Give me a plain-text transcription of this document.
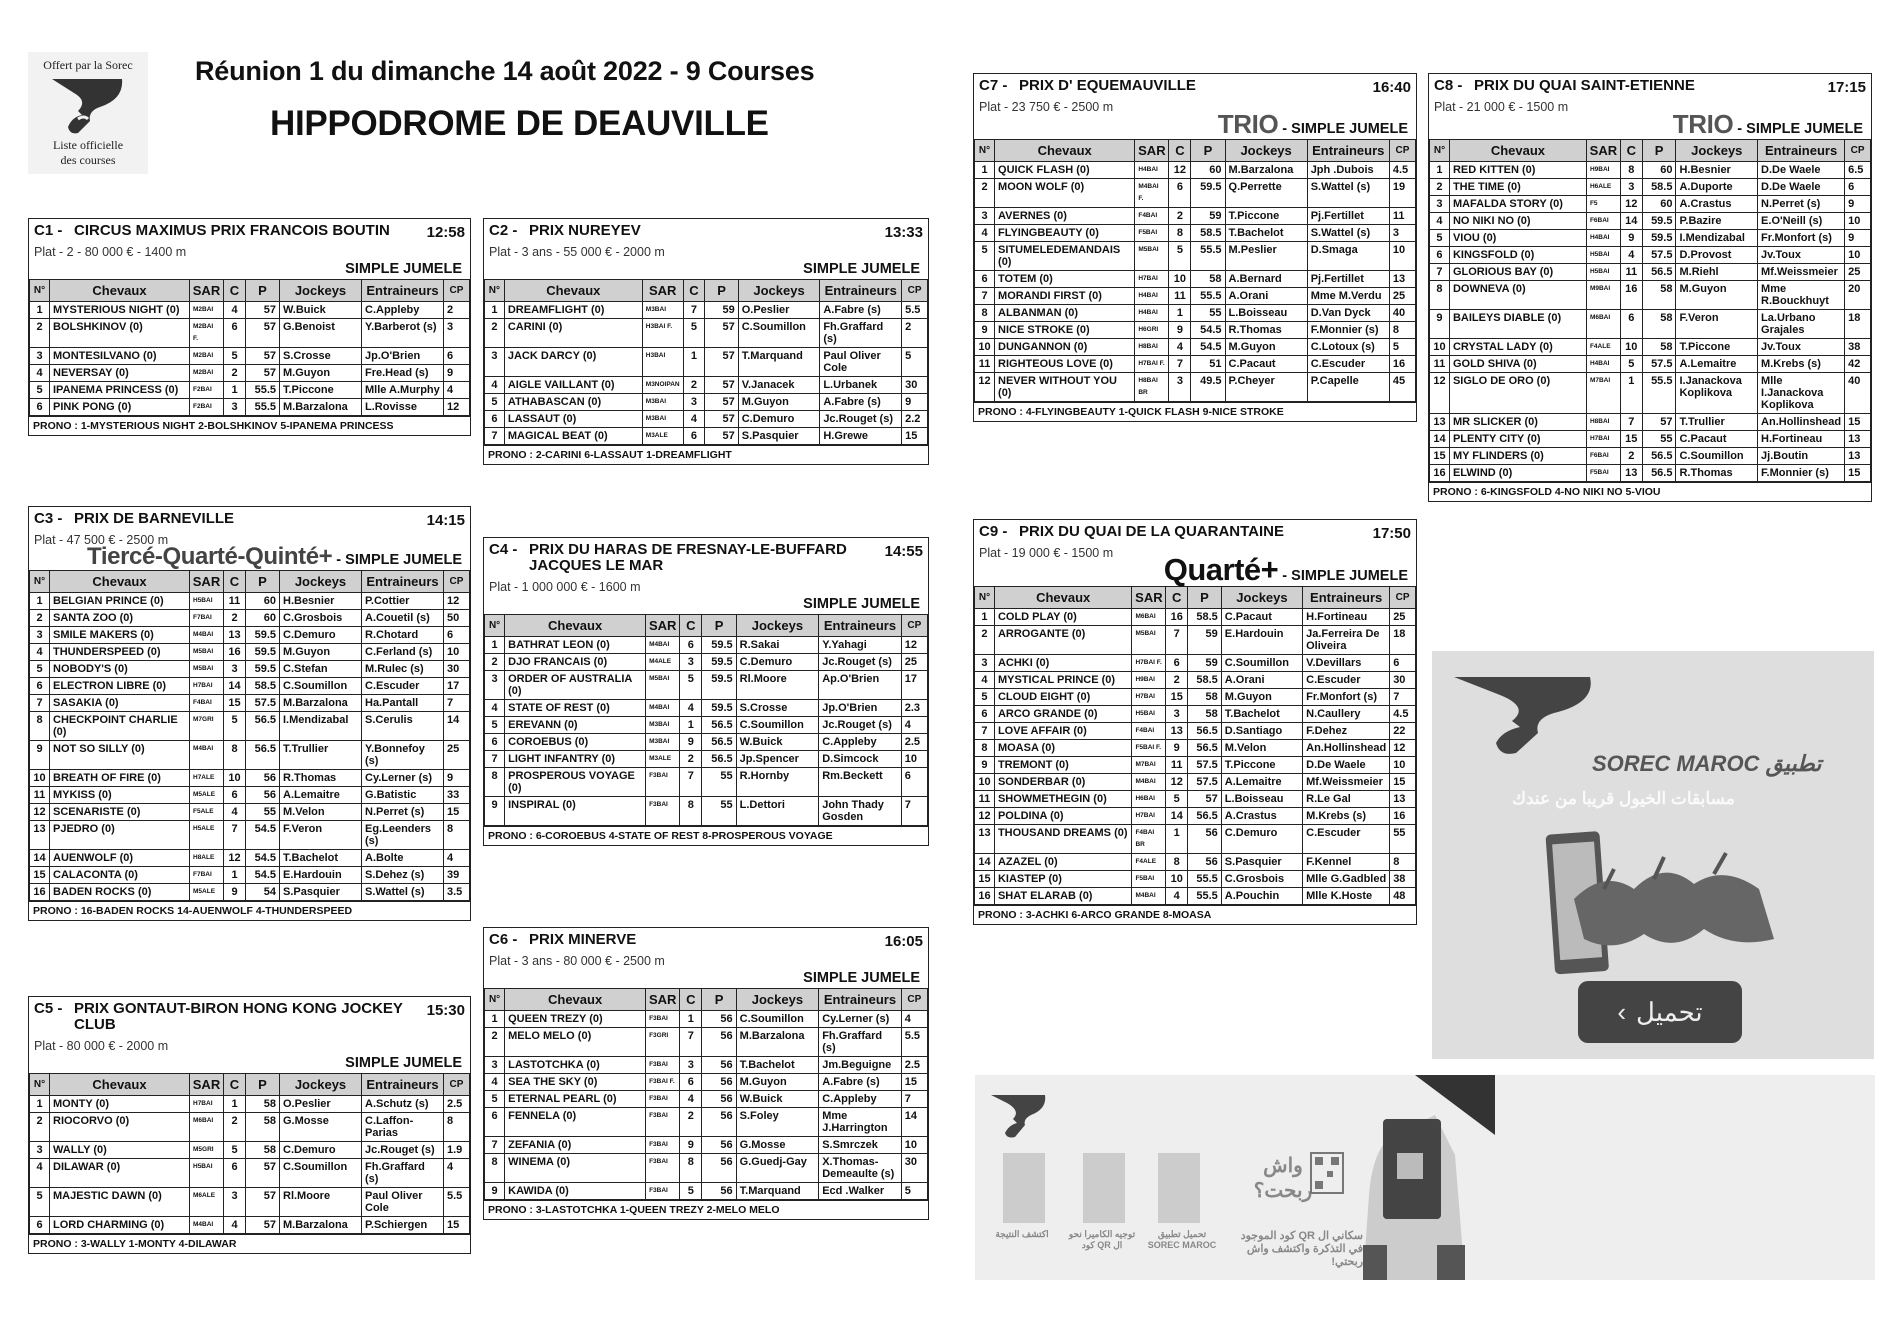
Offert par la Sorec
Liste officielle
des courses
Réunion 1 du dimanche 14 août 2022 - 9 Courses
HIPPODROME DE DEAUVILLE
C1 - CIRCUS MAXIMUS PRIX FRANCOIS BOUTIN	12:58
Plat - 2 - 80 000 € - 1400 m
SIMPLE JUMELE
N°	Chevaux	SAR	C	P	Jockeys	Entraineurs	CP
1	MYSTERIOUS NIGHT (0)	M2BAI	4	57	W.Buick	C.Appleby	2
2	BOLSHKINOV (0)	M2BAI F.	6	57	G.Benoist	Y.Barberot (s)	3
3	MONTESILVANO (0)	M2BAI	5	57	S.Crosse	Jp.O'Brien	6
4	NEVERSAY (0)	M2BAI	2	57	M.Guyon	Fre.Head (s)	9
5	IPANEMA PRINCESS (0)	F2BAI	1	55.5	T.Piccone	Mlle A.Murphy	4
6	PINK PONG (0)	F2BAI	3	55.5	M.Barzalona	L.Rovisse	12
PRONO : 1-MYSTERIOUS NIGHT 2-BOLSHKINOV 5-IPANEMA PRINCESS
C2 - PRIX NUREYEV	13:33
Plat - 3 ans - 55 000 € - 2000 m
SIMPLE JUMELE
N°	Chevaux	SAR	C	P	Jockeys	Entraineurs	CP
1	DREAMFLIGHT (0)	M3BAI	7	59	O.Peslier	A.Fabre (s)	5.5
2	CARINI (0)	H3BAI F.	5	57	C.Soumillon	Fh.Graffard (s)	2
3	JACK DARCY (0)	H3BAI	1	57	T.Marquand	Paul Oliver Cole	5
4	AIGLE VAILLANT (0)	M3NOIPAN	2	57	V.Janacek	L.Urbanek	30
5	ATHABASCAN (0)	M3BAI	3	57	M.Guyon	A.Fabre (s)	9
6	LASSAUT (0)	M3BAI	4	57	C.Demuro	Jc.Rouget (s)	2.2
7	MAGICAL BEAT (0)	M3ALE	6	57	S.Pasquier	H.Grewe	15
PRONO : 2-CARINI 6-LASSAUT 1-DREAMFLIGHT
C3 - PRIX DE BARNEVILLE	14:15
Plat - 47 500 € - 2500 m
Tiercé-Quarté-Quinté+ - SIMPLE JUMELE
N°	Chevaux	SAR	C	P	Jockeys	Entraineurs	CP
1	BELGIAN PRINCE (0)	H5BAI	11	60	H.Besnier	P.Cottier	12
2	SANTA ZOO (0)	F7BAI	2	60	C.Grosbois	A.Couetil (s)	50
3	SMILE MAKERS (0)	M4BAI	13	59.5	C.Demuro	R.Chotard	6
4	THUNDERSPEED (0)	M5BAI	16	59.5	M.Guyon	C.Ferland (s)	10
5	NOBODY'S (0)	M5BAI	3	59.5	C.Stefan	M.Rulec (s)	30
6	ELECTRON LIBRE (0)	H7BAI	14	58.5	C.Soumillon	C.Escuder	17
7	SASAKIA (0)	F4BAI	15	57.5	M.Barzalona	Ha.Pantall	7
8	CHECKPOINT CHARLIE (0)	M7GRI	5	56.5	I.Mendizabal	S.Cerulis	14
9	NOT SO SILLY (0)	M4BAI	8	56.5	T.Trullier	Y.Bonnefoy (s)	25
10	BREATH OF FIRE (0)	H7ALE	10	56	R.Thomas	Cy.Lerner (s)	9
11	MYKISS (0)	M5ALE	6	56	A.Lemaitre	G.Batistic	33
12	SCENARISTE (0)	F5ALE	4	55	M.Velon	N.Perret (s)	15
13	PJEDRO (0)	H5ALE	7	54.5	F.Veron	Eg.Leenders (s)	8
14	AUENWOLF (0)	H8ALE	12	54.5	T.Bachelot	A.Bolte	4
15	CALACONTA (0)	F7BAI	1	54.5	E.Hardouin	S.Dehez (s)	39
16	BADEN ROCKS (0)	M5ALE	9	54	S.Pasquier	S.Wattel (s)	3.5
PRONO : 16-BADEN ROCKS 14-AUENWOLF 4-THUNDERSPEED
C4 - PRIX DU HARAS DE FRESNAY-LE-BUFFARD JACQUES LE MAR
14:55
Plat - 1 000 000 € - 1600 m
SIMPLE JUMELE
N°	Chevaux	SAR	C	P	Jockeys	Entraineurs	CP
1	BATHRAT LEON (0)	M4BAI	6	59.5	R.Sakai	Y.Yahagi	12
2	DJO FRANCAIS (0)	M4ALE	3	59.5	C.Demuro	Jc.Rouget (s)	25
3	ORDER OF AUSTRALIA (0)	M5BAI	5	59.5	Rl.Moore	Ap.O'Brien	17
4	STATE OF REST (0)	M4BAI	4	59.5	S.Crosse	Jp.O'Brien	2.3
5	EREVANN (0)	M3BAI	1	56.5	C.Soumillon	Jc.Rouget (s)	4
6	COROEBUS (0)	M3BAI	9	56.5	W.Buick	C.Appleby	2.5
7	LIGHT INFANTRY (0)	M3ALE	2	56.5	Jp.Spencer	D.Simcock	10
8	PROSPEROUS VOYAGE (0)	F3BAI	7	55	R.Hornby	Rm.Beckett	6
9	INSPIRAL (0)	F3BAI	8	55	L.Dettori	John Thady Gosden	7
PRONO : 6-COROEBUS 4-STATE OF REST 8-PROSPEROUS VOYAGE
C5 - PRIX GONTAUT-BIRON HONG KONG JOCKEY CLUB
15:30
Plat - 80 000 € - 2000 m
SIMPLE JUMELE
N°	Chevaux	SAR	C	P	Jockeys	Entraineurs	CP
1	MONTY (0)	H7BAI	1	58	O.Peslier	A.Schutz (s)	2.5
2	RIOCORVO (0)	M6BAI	2	58	G.Mosse	C.Laffon-Parias	8
3	WALLY (0)	M5GRI	5	58	C.Demuro	Jc.Rouget (s)	1.9
4	DILAWAR (0)	H5BAI	6	57	C.Soumillon	Fh.Graffard (s)	4
5	MAJESTIC DAWN (0)	M6ALE	3	57	Rl.Moore	Paul Oliver Cole	5.5
6	LORD CHARMING (0)	M4BAI	4	57	M.Barzalona	P.Schiergen	15
PRONO : 3-WALLY 1-MONTY 4-DILAWAR
C6 - PRIX MINERVE	16:05
Plat - 3 ans - 80 000 € - 2500 m
SIMPLE JUMELE
N°	Chevaux	SAR	C	P	Jockeys	Entraineurs	CP
1	QUEEN TREZY (0)	F3BAI	1	56	C.Soumillon	Cy.Lerner (s)	4
2	MELO MELO (0)	F3GRI	7	56	M.Barzalona	Fh.Graffard (s)	5.5
3	LASTOTCHKA (0)	F3BAI	3	56	T.Bachelot	Jm.Beguigne	2.5
4	SEA THE SKY (0)	F3BAI F.	6	56	M.Guyon	A.Fabre (s)	15
5	ETERNAL PEARL (0)	F3BAI	4	56	W.Buick	C.Appleby	7
6	FENNELA (0)	F3BAI	2	56	S.Foley	Mme J.Harrington	14
7	ZEFANIA (0)	F3BAI	9	56	G.Mosse	S.Smrczek	10
8	WINEMA (0)	F3BAI	8	56	G.Guedj-Gay	X.Thomas-Demeaulte (s)	30
9	KAWIDA (0)	F3BAI	5	56	T.Marquand	Ecd .Walker	5
PRONO : 3-LASTOTCHKA 1-QUEEN TREZY 2-MELO MELO
C7 - PRIX D' EQUEMAUVILLE	16:40
Plat - 23 750 € - 2500 m
TRIO - SIMPLE JUMELE
N°	Chevaux	SAR	C	P	Jockeys	Entraineurs	CP
1	QUICK FLASH (0)	H4BAI	12	60	M.Barzalona	Jph .Dubois	4.5
2	MOON WOLF (0)	M4BAI F.	6	59.5	Q.Perrette	S.Wattel (s)	19
3	AVERNES (0)	F4BAI	2	59	T.Piccone	Pj.Fertillet	11
4	FLYINGBEAUTY (0)	F5BAI	8	58.5	T.Bachelot	S.Wattel (s)	3
5	SITUMELEDEMANDAIS (0)	M5BAI	5	55.5	M.Peslier	D.Smaga	10
6	TOTEM (0)	H7BAI	10	58	A.Bernard	Pj.Fertillet	13
7	MORANDI FIRST (0)	H4BAI	11	55.5	A.Orani	Mme M.Verdu	25
8	ALBANMAN (0)	H4BAI	1	55	L.Boisseau	D.Van Dyck	40
9	NICE STROKE (0)	H6GRI	9	54.5	R.Thomas	F.Monnier (s)	8
10	DUNGANNON (0)	H8BAI	4	54.5	M.Guyon	C.Lotoux (s)	5
11	RIGHTEOUS LOVE (0)	H7BAI F.	7	51	C.Pacaut	C.Escuder	16
12	NEVER WITHOUT YOU (0)	H8BAI BR	3	49.5	P.Cheyer	P.Capelle	45
PRONO : 4-FLYINGBEAUTY 1-QUICK FLASH 9-NICE STROKE
C8 - PRIX DU QUAI SAINT-ETIENNE	17:15
Plat - 21 000 € - 1500 m
TRIO - SIMPLE JUMELE
N°	Chevaux	SAR	C	P	Jockeys	Entraineurs	CP
1	RED KITTEN (0)	H9BAI	8	60	H.Besnier	D.De Waele	6.5
2	THE TIME (0)	H6ALE	3	58.5	A.Duporte	D.De Waele	6
3	MAFALDA STORY (0)	F5	12	60	A.Crastus	N.Perret (s)	9
4	NO NIKI NO (0)	F6BAI	14	59.5	P.Bazire	E.O'Neill (s)	10
5	VIOU (0)	H4BAI	9	59.5	I.Mendizabal	Fr.Monfort (s)	9
6	KINGSFOLD (0)	H5BAI	4	57.5	D.Provost	Jv.Toux	10
7	GLORIOUS BAY (0)	H5BAI	11	56.5	M.Riehl	Mf.Weissmeier	25
8	DOWNEVA (0)	M9BAI	16	58	M.Guyon	Mme R.Bouckhuyt	20
9	BAILEYS DIABLE (0)	M6BAI	6	58	F.Veron	La.Urbano Grajales	18
10	CRYSTAL LADY (0)	F4ALE	10	58	T.Piccone	Jv.Toux	38
11	GOLD SHIVA (0)	H4BAI	5	57.5	A.Lemaitre	M.Krebs (s)	42
12	SIGLO DE ORO (0)	M7BAI	1	55.5	I.Janackova Koplikova	Mlle I.Janackova Koplikova	40
13	MR SLICKER (0)	H8BAI	7	57	T.Trullier	An.Hollinshead	15
14	PLENTY CITY (0)	H7BAI	15	55	C.Pacaut	H.Fortineau	13
15	MY FLINDERS (0)	F6BAI	2	56.5	C.Soumillon	Jj.Boutin	13
16	ELWIND (0)	F5BAI	13	56.5	R.Thomas	F.Monnier (s)	15
PRONO : 6-KINGSFOLD 4-NO NIKI NO 5-VIOU
C9 - PRIX DU QUAI DE LA QUARANTAINE	17:50
Plat - 19 000 € - 1500 m	Quarté+ - SIMPLE JUMELE
N°	Chevaux	SAR	C	P	Jockeys	Entraineurs	CP
1	COLD PLAY (0)	M6BAI	16	58.5	C.Pacaut	H.Fortineau	25
2	ARROGANTE (0)	M5BAI	7	59	E.Hardouin	Ja.Ferreira De Oliveira	18
3	ACHKI (0)	H7BAI F.	6	59	C.Soumillon	V.Devillars	6
4	MYSTICAL PRINCE (0)	H9BAI	2	58.5	A.Orani	C.Escuder	30
5	CLOUD EIGHT (0)	H7BAI	15	58	M.Guyon	Fr.Monfort (s)	7
6	ARCO GRANDE (0)	H5BAI	3	58	T.Bachelot	N.Caullery	4.5
7	LOVE AFFAIR (0)	F4BAI	13	56.5	D.Santiago	F.Dehez	22
8	MOASA (0)	F5BAI F.	9	56.5	M.Velon	An.Hollinshead	12
9	TREMONT (0)	M7BAI	11	57.5	T.Piccone	D.De Waele	10
10	SONDERBAR (0)	M4BAI	12	57.5	A.Lemaitre	Mf.Weissmeier	15
11	SHOWMETHEGIN (0)	H6BAI	5	57	L.Boisseau	R.Le Gal	13
12	POLDINA (0)	H7BAI	14	56.5	A.Crastus	M.Krebs (s)	16
13	THOUSAND DREAMS (0)	F4BAI BR	1	56	C.Demuro	C.Escuder	55
14	AZAZEL (0)	F4ALE	8	56	S.Pasquier	F.Kennel	8
15	KIASTEP (0)	F5BAI	10	55.5	C.Grosbois	Mlle G.Gadbled	38
16	SHAT ELARAB (0)	M4BAI	4	55.5	A.Pouchin	Mlle K.Hoste	48
PRONO : 3-ACHKI 6-ARCO GRANDE 8-MOASA
SOREC MAROC تطبيق
مسابقات الخيول قريبا من عندك
تحميل
›
اكتشف النتيجة	توجيه الكاميرا نحو ال QR كود
تحميل تطبيق SOREC MAROC
واش ربحت؟
سكاني ال QR كود الموجود في التذكرة واكتشف واش ربحتي!
